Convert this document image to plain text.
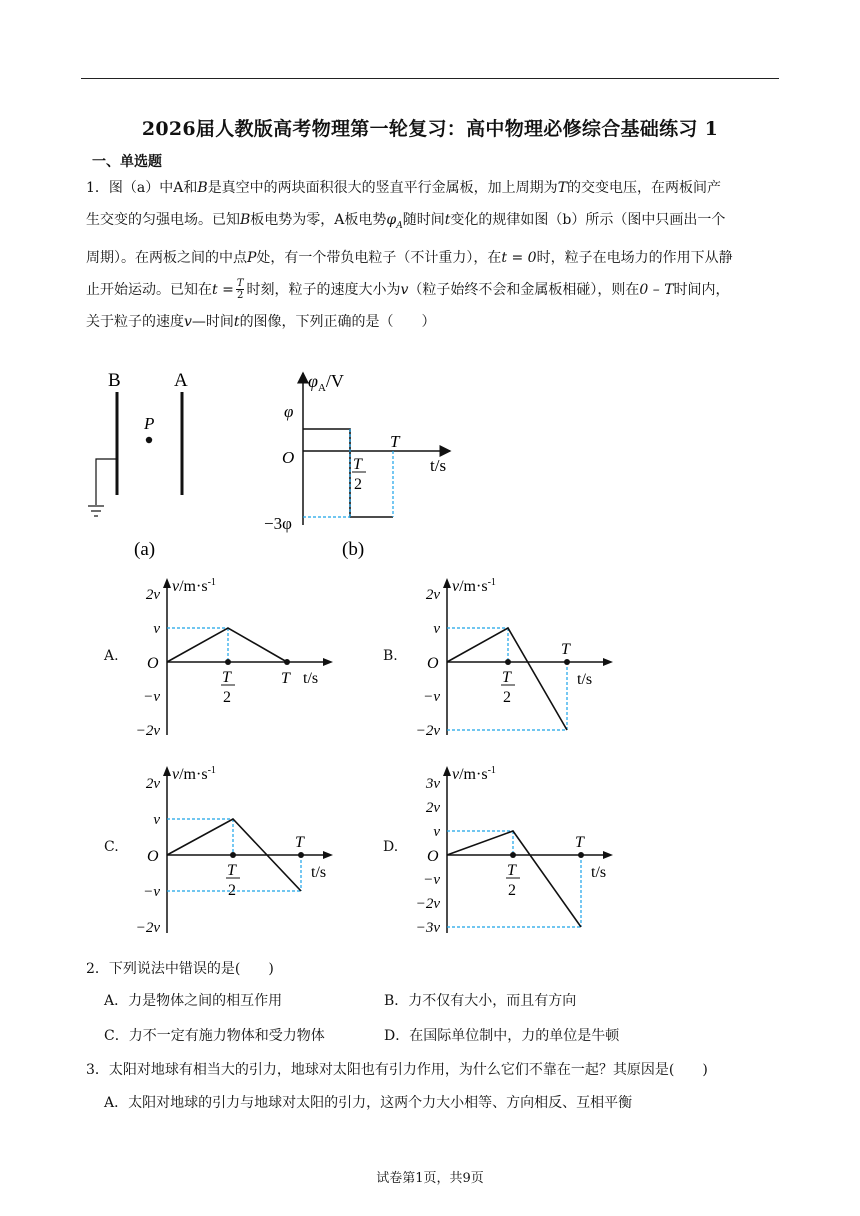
2026届人教版高考物理第一轮复习：高中物理必修综合基础练习 1
一、单选题

1．图（a）中A和B是真空中的两块面积很大的竖直平行金属板，加上周期为T的交变电压，在两板间产

生交变的匀强电场。已知B板电势为零，A板电势$\varphi_A$随时间t变化的规律如图（b）所示（图中只画出一个

周期）。在两板之间的中点P处，有一个带负电粒子（不计重力），在t = 0时，粒子在电场力的作用下从静

止开始运动。已知在$t = \frac{T}{2}$ 时刻，粒子的速度大小为v（粒子始终不会和金属板相碰），则在0 – T时间内，

关于粒子的速度v—时间t的图像，下列正确的是（　　）

B	A
P
(a)
$\varphi_A/V$
φ
−3φ
O
T
t/s
T
2
(b)
A.	B.
C.	D.
$v/m\cdot s^{-1}$
O
2v
v
−v
−2v
T
2
T t/s
$v/m\cdot s^{-1}$
O
2v
v
−v
−2v
T
2
T
t/s
$v/m\cdot s^{-1}$
O
2v
v
−v
−2v
T
2
T
t/s
$v/m\cdot s^{-1}$
O
3v
2v
v
−v
−2v
−3v
T
2
T
t/s
2．下列说法中错误的是(　　)
A．力是物体之间的相互作用	B．力不仅有大小，而且有方向
C．力不一定有施力物体和受力物体	D．在国际单位制中，力的单位是牛顿
3．太阳对地球有相当大的引力，地球对太阳也有引力作用，为什么它们不靠在一起？其原因是(　　)
A．太阳对地球的引力与地球对太阳的引力，这两个力大小相等、方向相反、互相平衡
试卷第1页，共9页
